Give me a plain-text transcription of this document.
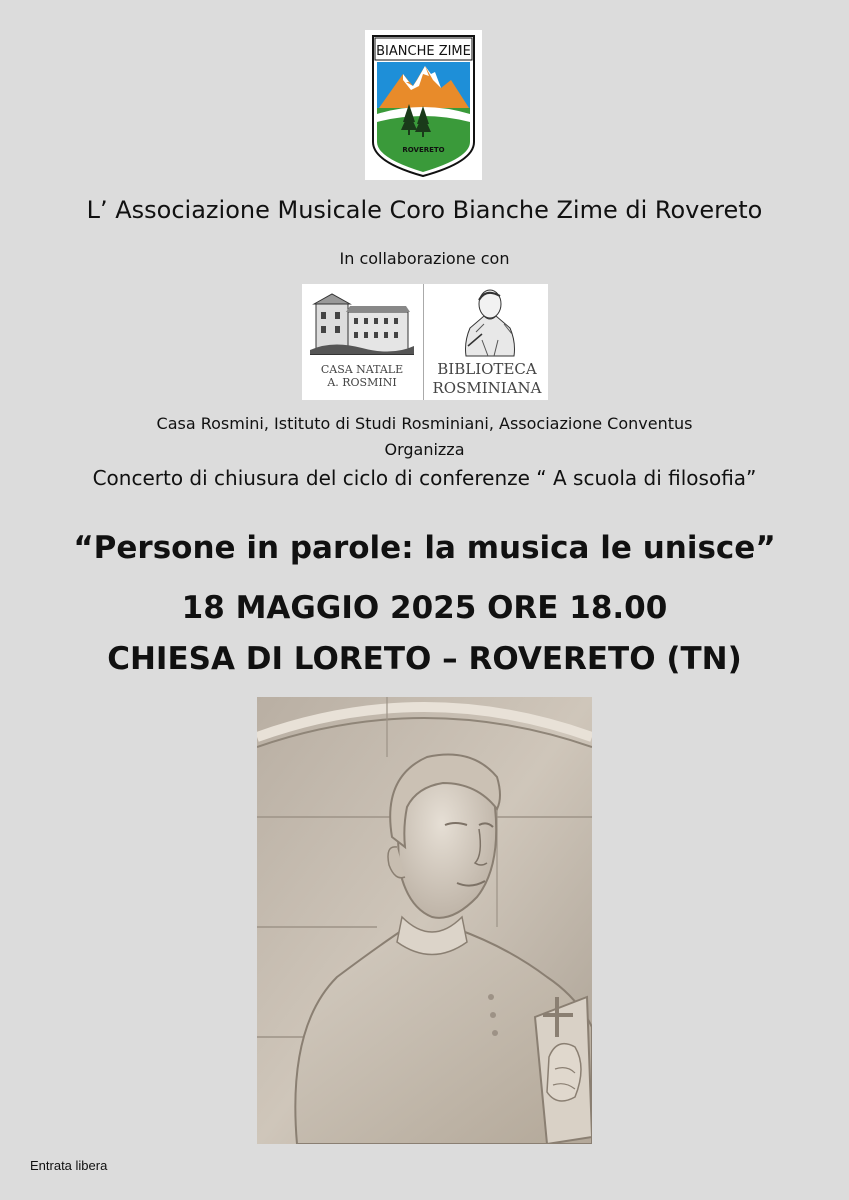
BIANCHE ZIME
ROVERETO
L’ Associazione Musicale Coro Bianche Zime di Rovereto
In collaborazione con
CASA NATALE
A. ROSMINI
BIBLIOTECA
ROSMINIANA
Casa Rosmini, Istituto di Studi Rosminiani, Associazione Conventus
Organizza
Concerto di chiusura del ciclo di conferenze “ A scuola di filosofia”
“Persone in parole: la musica le unisce”
18 MAGGIO 2025 ORE 18.00
CHIESA DI LORETO – ROVERETO (TN)
Entrata libera
